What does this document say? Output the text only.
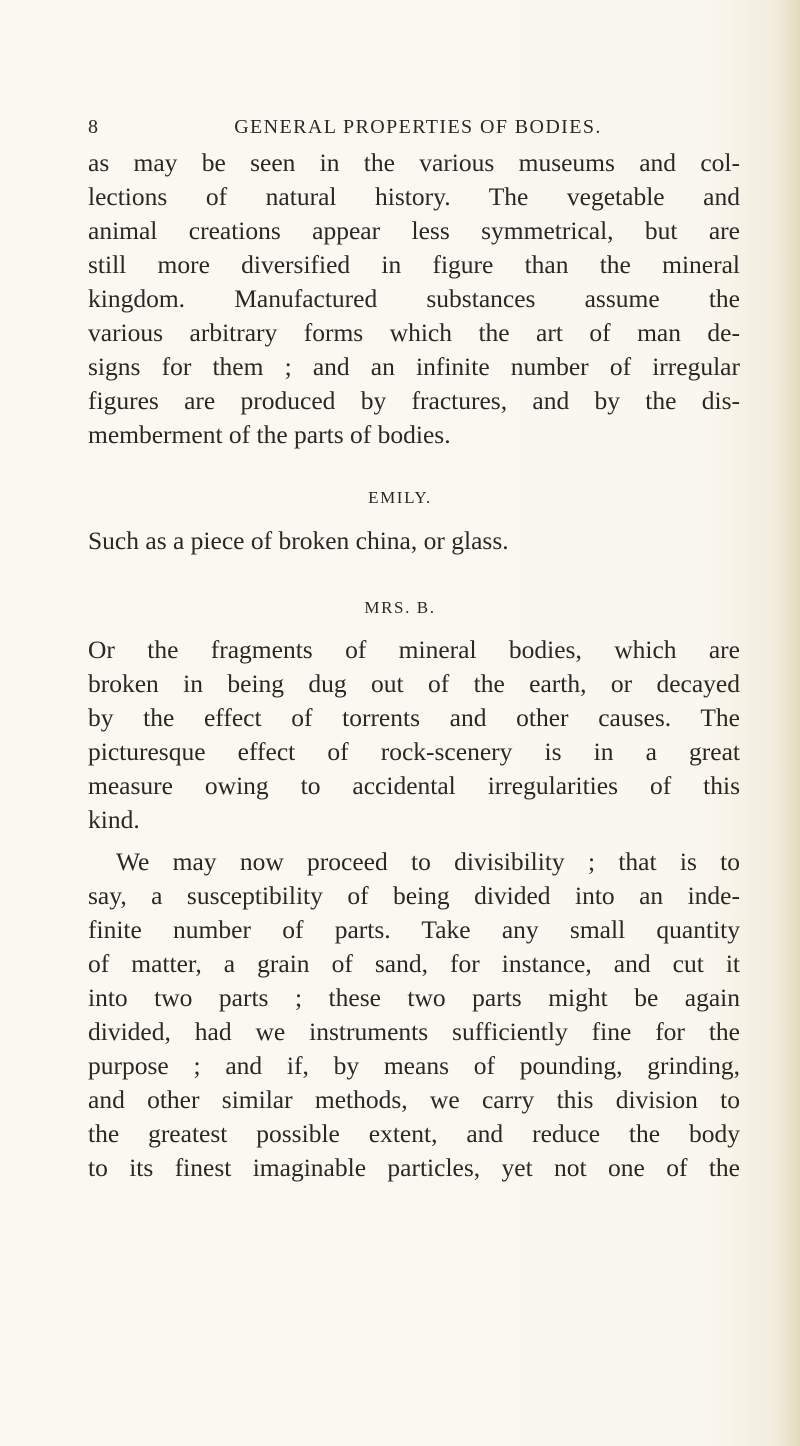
8	GENERAL PROPERTIES OF BODIES.
as may be seen in the various museums and col-
lections of natural history. The vegetable and
animal creations appear less symmetrical, but are
still more diversified in figure than the mineral
kingdom. Manufactured substances assume the
various arbitrary forms which the art of man de-
signs for them ; and an infinite number of irregular
figures are produced by fractures, and by the dis-
memberment of the parts of bodies.
EMILY.
Such as a piece of broken china, or glass.
MRS. B.
Or the fragments of mineral bodies, which are
broken in being dug out of the earth, or decayed
by the effect of torrents and other causes. The
picturesque effect of rock-scenery is in a great
measure owing to accidental irregularities of this
kind.
We may now proceed to divisibility ; that is to
say, a susceptibility of being divided into an inde-
finite number of parts. Take any small quantity
of matter, a grain of sand, for instance, and cut it
into two parts ; these two parts might be again
divided, had we instruments sufficiently fine for the
purpose ; and if, by means of pounding, grinding,
and other similar methods, we carry this division to
the greatest possible extent, and reduce the body
to its finest imaginable particles, yet not one of the
